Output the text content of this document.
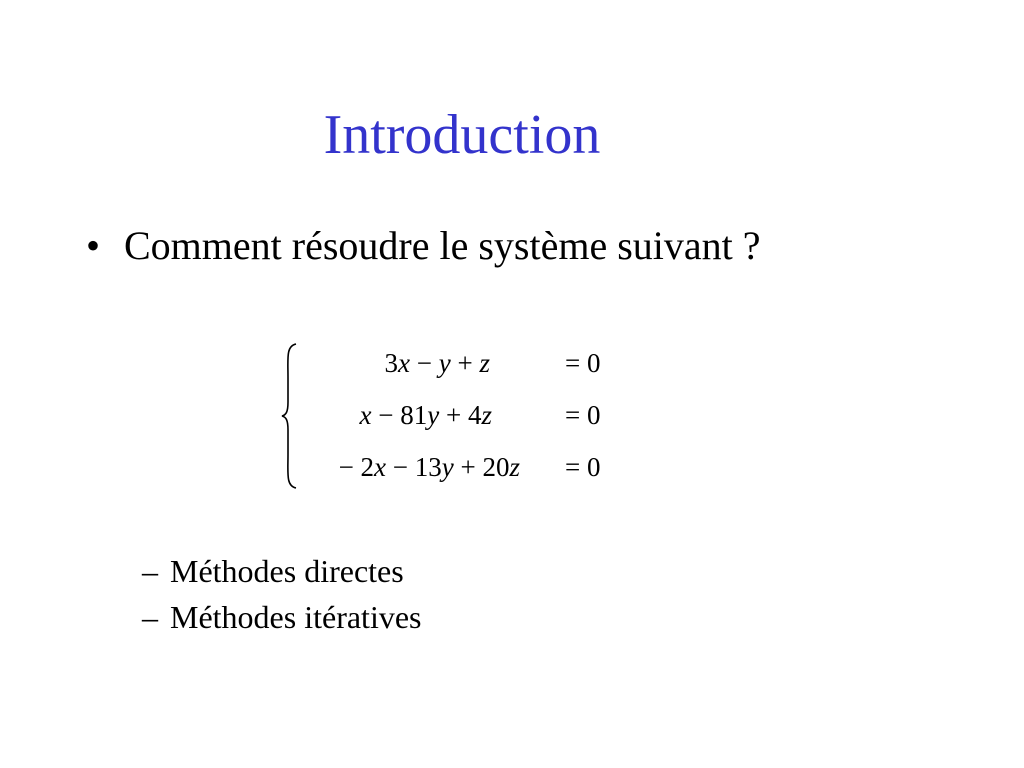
Introduction
• Comment résoudre le système suivant ?
3x − y + z	= 0
x − 81y + 4z	= 0
− 2x − 13y + 20z = 0
– Méthodes directes
– Méthodes itératives
